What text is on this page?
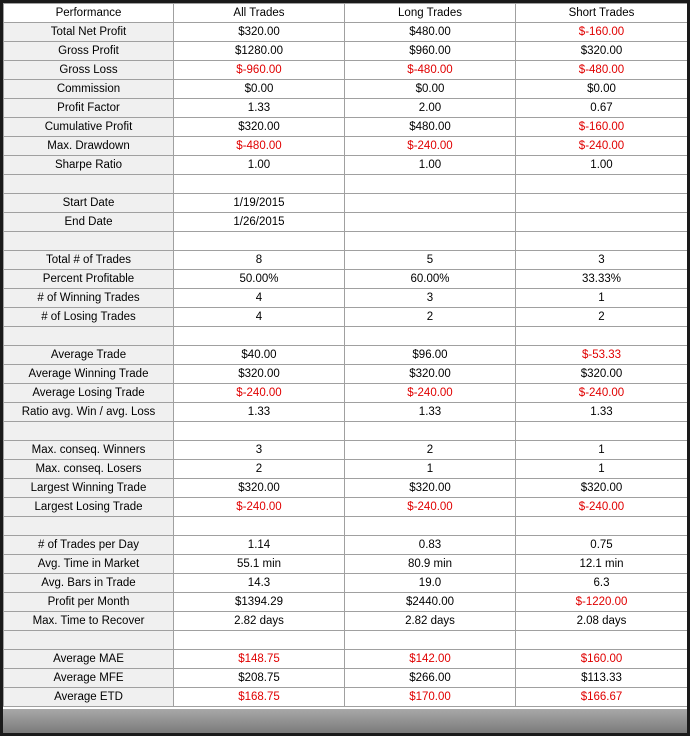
Performance	All Trades	Long Trades	Short Trades
Total Net Profit	$320.00	$480.00	$-160.00
Gross Profit	$1280.00	$960.00	$320.00
Gross Loss	$-960.00	$-480.00	$-480.00
Commission	$0.00	$0.00	$0.00
Profit Factor	1.33	2.00	0.67
Cumulative Profit	$320.00	$480.00	$-160.00
Max. Drawdown	$-480.00	$-240.00	$-240.00
Sharpe Ratio	1.00	1.00	1.00

Start Date	1/19/2015		
End Date	1/26/2015		

Total # of Trades	8	5	3
Percent Profitable	50.00%	60.00%	33.33%
# of Winning Trades	4	3	1
# of Losing Trades	4	2	2

Average Trade	$40.00	$96.00	$-53.33
Average Winning Trade	$320.00	$320.00	$320.00
Average Losing Trade	$-240.00	$-240.00	$-240.00
Ratio avg. Win / avg. Loss	1.33	1.33	1.33

Max. conseq. Winners	3	2	1
Max. conseq. Losers	2	1	1
Largest Winning Trade	$320.00	$320.00	$320.00
Largest Losing Trade	$-240.00	$-240.00	$-240.00

# of Trades per Day	1.14	0.83	0.75
Avg. Time in Market	55.1 min	80.9 min	12.1 min
Avg. Bars in Trade	14.3	19.0	6.3
Profit per Month	$1394.29	$2440.00	$-1220.00
Max. Time to Recover	2.82 days	2.82 days	2.08 days

Average MAE	$148.75	$142.00	$160.00
Average MFE	$208.75	$266.00	$113.33
Average ETD	$168.75	$170.00	$166.67
